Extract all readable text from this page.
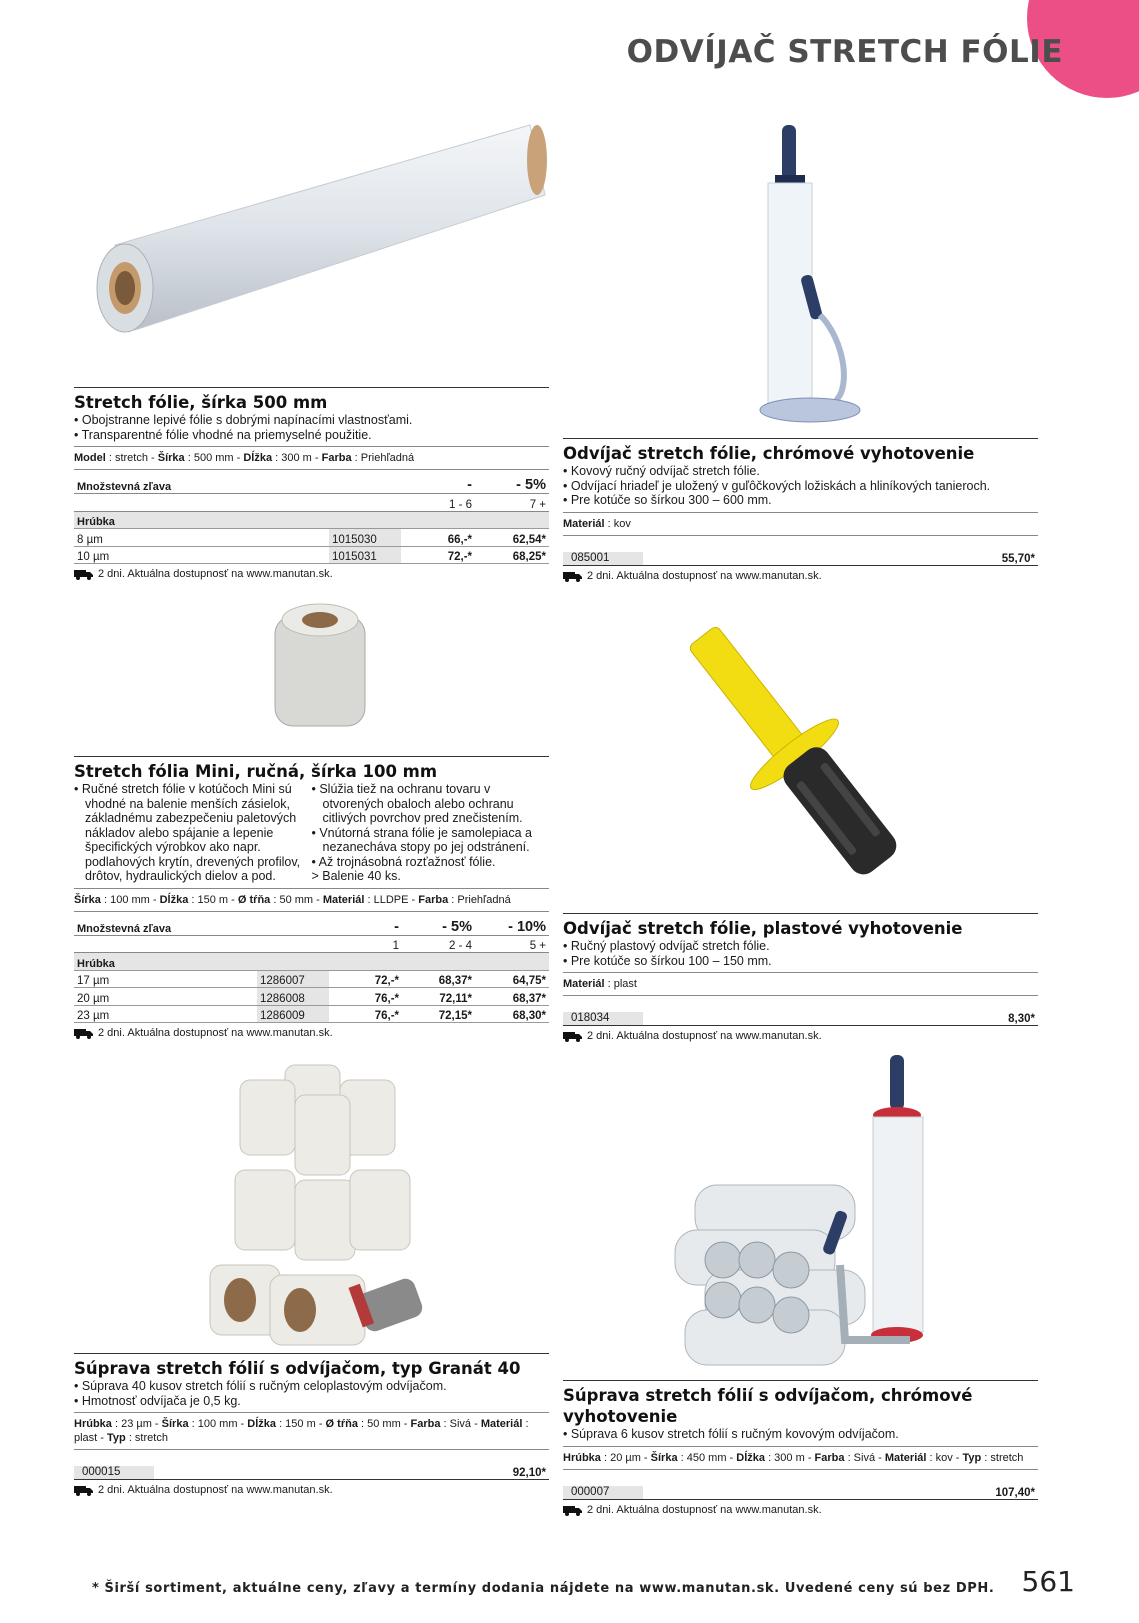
ODVÍJAČ STRETCH FÓLIE
Stretch fólie, šírka 500 mm
• Obojstranne lepivé fólie s dobrými napínacími vlastnosťami.
• Transparentné fólie vhodné na priemyselné použitie.
Model : stretch - Šírka : 500 mm - Dĺžka : 300 m - Farba : Priehľadná
Množstevná zľava		-	- 5%
		1 - 6	7 +
Hrúbka			
8 µm	1015030	66,-*	62,54*
10 µm	1015031	72,-*	68,25*
2 dni. Aktuálna dostupnosť na www.manutan.sk.
Odvíjač stretch fólie, chrómové vyhotovenie
• Kovový ručný odvíjač stretch fólie.
• Odvíjací hriadeľ je uložený v guľôčkových ložiskách a hliníkových tanieroch.
• Pre kotúče so šírkou 300 – 600 mm.
Materiál : kov
085001	55,70*
2 dni. Aktuálna dostupnosť na www.manutan.sk.
Stretch fólia Mini, ručná, šírka 100 mm
• Ručné stretch fólie v kotúčoch Mini sú vhodné na balenie menších zásielok, základnému zabezpečeniu paletových nákladov alebo spájanie a lepenie špecifických výrobkov ako napr. podlahových krytín, drevených profilov, drôtov, hydraulických dielov a pod.
• Slúžia tiež na ochranu tovaru v otvorených obaloch alebo ochranu citlivých povrchov pred znečistením.
• Vnútorná strana fólie je samolepiaca a nezanecháva stopy po jej odstránení.
• Až trojnásobná rozťažnosť fólie.
> Balenie 40 ks.
Šírka : 100 mm - Dĺžka : 150 m - Ø tŕňa : 50 mm - Materiál : LLDPE - Farba : Priehľadná
Množstevná zľava		-	- 5%	- 10%
		1	2 - 4	5 +
Hrúbka				
17 µm	1286007	72,-*	68,37*	64,75*
20 µm	1286008	76,-*	72,11*	68,37*
23 µm	1286009	76,-*	72,15*	68,30*
2 dni. Aktuálna dostupnosť na www.manutan.sk.
Odvíjač stretch fólie, plastové vyhotovenie
• Ručný plastový odvíjač stretch fólie.
• Pre kotúče so šírkou 100 – 150 mm.
Materiál : plast
018034	8,30*
2 dni. Aktuálna dostupnosť na www.manutan.sk.
Súprava stretch fólií s odvíjačom, typ Granát 40
• Súprava 40 kusov stretch fólií s ručným celoplastovým odvíjačom.
• Hmotnosť odvíjača je 0,5 kg.
Hrúbka : 23 µm - Šírka : 100 mm - Dĺžka : 150 m - Ø tŕňa : 50 mm - Farba : Sivá - Materiál : plast - Typ : stretch
000015	92,10*
2 dni. Aktuálna dostupnosť na www.manutan.sk.
Súprava stretch fólií s odvíjačom, chrómové vyhotovenie
• Súprava 6 kusov stretch fólií s ručným kovovým odvíjačom.
Hrúbka : 20 µm - Šírka : 450 mm - Dĺžka : 300 m - Farba : Sivá - Materiál : kov - Typ : stretch
000007	107,40*
2 dni. Aktuálna dostupnosť na www.manutan.sk.
* Širší sortiment, aktuálne ceny, zľavy a termíny dodania nájdete na www.manutan.sk. Uvedené ceny sú bez DPH. 561
